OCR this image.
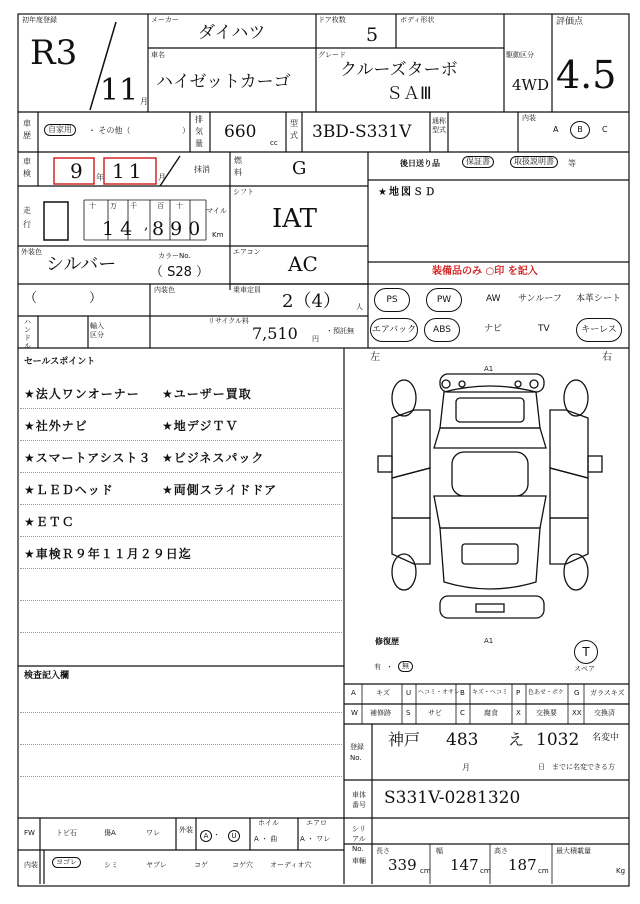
初年度登録
R3
11 月
メーカー
ダイハツ
ドア枚数
5
ボディ形状	評価点
4.5
車名
ハイゼットカーゴ
グレード
クルーズターボ
ＳＡⅢ
駆動区分
4WD
車歴
自家用	・ その他（	）
排気量
660
cc
型式 3BD-S331V
通称型式
内装
A	B	C
車検 9 年 11 月
抹消
燃料	G	後日送り品	保証書	取扱説明書	等
走行
十 万 千	百 十
マイル
14 , 890 Km
シフト
IAT
★地図ＳＤ
外装色
シルバー	カラーNo.
（ S28 ）
エアコン AC	装備品のみ ○印 を記入
（　　　　）
内装色	乗車定員
2（4） 人
PS	PW	AW サンルーフ 本革シート
エアバック	ABS	ナビ	TV	キーレス
ハンドル
輸入区分
リサイクル料
7,510 円
・預託無
セールスポイント
★法人ワンオーナー ★ユーザー買取
★社外ナビ	★地デジＴＶ
★スマートアシスト３ ★ビジネスパック
★ＬＥＤヘッド	★両側スライドドア
★ＥＴＣ
★車検Ｒ９年１１月２９日迄
検査記入欄
左	右
A1
A1
修復歴
有 ・	無
T
スペア
A	キズ U ヘコミ・オサレ B キズ・ヘコミ P 色あせ・ボケ G ガラスキズ
W 補修跡 S	サビ	C	腐食	X 交換要 XX 交換済
登録No.
神戸 483 え 1032 名変中
月	日　までに名変できる方
車体番号 S331V-0281320
シリアルNo.
車輛
長さ
339 cm
幅
147 cm
高さ
187 cm
最大積載量
Kg
FW	トビ石	傷A	ワレ	外装
A ・	U
ホイル
A ・ 曲
エアロ
A ・ ワレ
内装	ヨゴレ	シミ	ヤブレ	コゲ	コゲ穴 オーディオ穴
